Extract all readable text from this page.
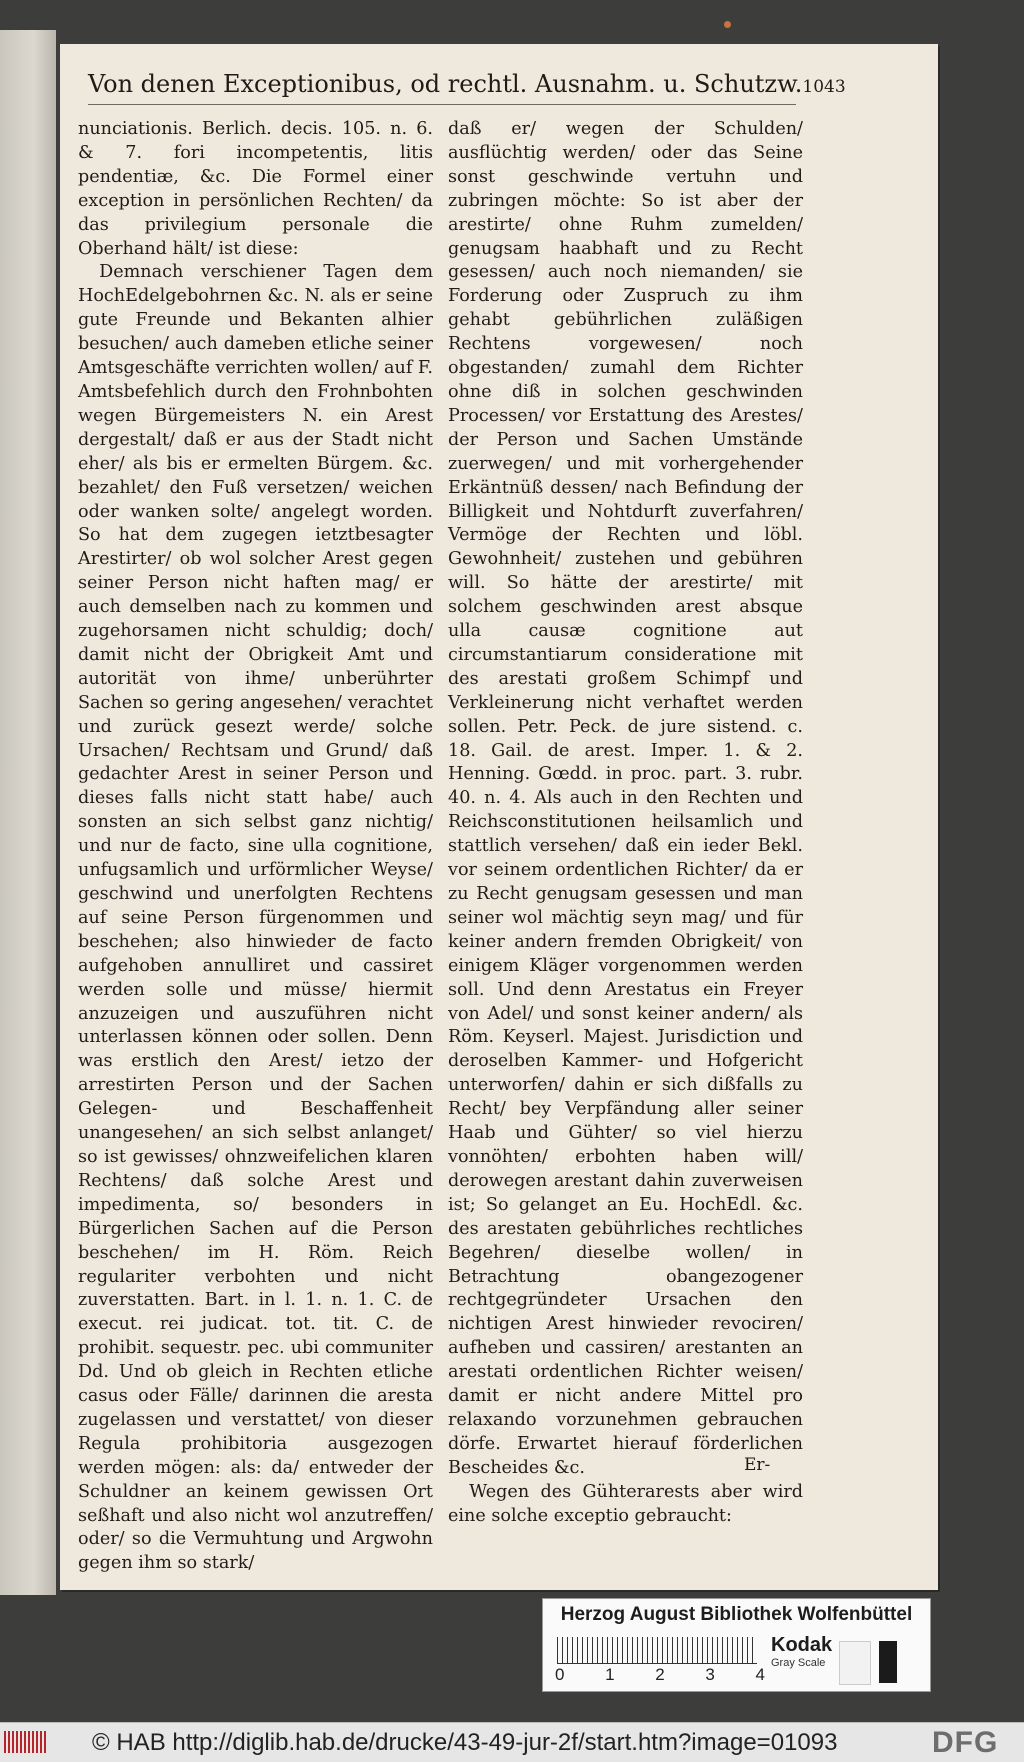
Von denen Exceptionibus, od rechtl. Ausnahm. u. Schutzw. 1043

nunciationis. Berlich. decis. 105. n. 6. & 7. fori incompetentis, litis pendentiæ, &c. Die Formel einer exception in persönlichen Rechten/ da das privilegium personale die Oberhand hält/ ist diese:

Demnach verschiener Tagen dem HochEdelgebohrnen &c. N. als er seine gute Freunde und Bekanten alhier besuchen/ auch dameben etliche seiner Amtsgeschäfte verrichten wollen/ auf F. Amtsbefehlich durch den Frohnbohten wegen Bürgemeisters N. ein Arest dergestalt/ daß er aus der Stadt nicht eher/ als bis er ermelten Bürgem. &c. bezahlet/ den Fuß versetzen/ weichen oder wanken solte/ angelegt worden. So hat dem zugegen ietztbesagter Arestirter/ ob wol solcher Arest gegen seiner Person nicht haften mag/ er auch demselben nach zu kommen und zugehorsamen nicht schuldig; doch/ damit nicht der Obrigkeit Amt und autorität von ihme/ unberührter Sachen so gering angesehen/ verachtet und zurück gesezt werde/ solche Ursachen/ Rechtsam und Grund/ daß gedachter Arest in seiner Person und dieses falls nicht statt habe/ auch sonsten an sich selbst ganz nichtig/ und nur de facto, sine ulla cognitione, unfugsamlich und urförmlicher Weyse/ geschwind und unerfolgten Rechtens auf seine Person fürgenommen und beschehen; also hinwieder de facto aufgehoben annulliret und cassiret werden solle und müsse/ hiermit anzuzeigen und auszuführen nicht unterlassen können oder sollen. Denn was erstlich den Arest/ ietzo der arrestirten Person und der Sachen Gelegen- und Beschaffenheit unangesehen/ an sich selbst anlanget/ so ist gewisses/ ohnzweifelichen klaren Rechtens/ daß solche Arest und impedimenta, so/ besonders in Bürgerlichen Sachen auf die Person beschehen/ im H. Röm. Reich regulariter verbohten und nicht zuverstatten. Bart. in l. 1. n. 1. C. de execut. rei judicat. tot. tit. C. de prohibit. sequestr. pec. ubi communiter Dd. Und ob gleich in Rechten etliche casus oder Fälle/ darinnen die aresta zugelassen und verstattet/ von dieser Regula prohibitoria ausgezogen werden mögen: als: da/ entweder der Schuldner an keinem gewissen Ort seßhaft und also nicht wol anzutreffen/ oder/ so die Vermuhtung und Argwohn gegen ihm so stark/

daß er/ wegen der Schulden/ ausflüchtig werden/ oder das Seine sonst geschwinde vertuhn und zubringen möchte: So ist aber der arestirte/ ohne Ruhm zumelden/ genugsam haabhaft und zu Recht gesessen/ auch noch niemanden/ sie Forderung oder Zuspruch zu ihm gehabt gebührlichen zuläßigen Rechtens vorgewesen/ noch obgestanden/ zumahl dem Richter ohne diß in solchen geschwinden Processen/ vor Erstattung des Arestes/ der Person und Sachen Umstände zuerwegen/ und mit vorhergehender Erkäntnüß dessen/ nach Befindung der Billigkeit und Nohtdurft zuverfahren/ Vermöge der Rechten und löbl. Gewohnheit/ zustehen und gebühren will. So hätte der arestirte/ mit solchem geschwinden arest absque ulla causæ cognitione aut circumstantiarum consideratione mit des arestati großem Schimpf und Verkleinerung nicht verhaftet werden sollen. Petr. Peck. de jure sistend. c. 18. Gail. de arest. Imper. 1. & 2. Henning. Gœdd. in proc. part. 3. rubr. 40. n. 4. Als auch in den Rechten und Reichsconstitutionen heilsamlich und stattlich versehen/ daß ein ieder Bekl. vor seinem ordentlichen Richter/ da er zu Recht genugsam gesessen und man seiner wol mächtig seyn mag/ und für keiner andern fremden Obrigkeit/ von einigem Kläger vorgenommen werden soll. Und denn Arestatus ein Freyer von Adel/ und sonst keiner andern/ als Röm. Keyserl. Majest. Jurisdiction und deroselben Kammer- und Hofgericht unterworfen/ dahin er sich dißfalls zu Recht/ bey Verpfändung aller seiner Haab und Gühter/ so viel hierzu vonnöhten/ erbohten haben will/ derowegen arestant dahin zuverweisen ist; So gelanget an Eu. HochEdl. &c. des arestaten gebührliches rechtliches Begehren/ dieselbe wollen/ in Betrachtung obangezogener rechtgegründeter Ursachen den nichtigen Arest hinwieder revociren/ aufheben und cassiren/ arestanten an arestati ordentlichen Richter weisen/ damit er nicht andere Mittel pro relaxando vorzunehmen gebrauchen dörfe. Erwartet hierauf förderlichen Bescheides &c.

Wegen des Gühterarests aber wird eine solche exceptio gebraucht:

Er-
Herzog August Bibliothek Wolfenbüttel
0 1 2 3 4
Kodak
Gray Scale
© HAB http://diglib.hab.de/drucke/43-49-jur-2f/start.htm?image=01093	DFG
